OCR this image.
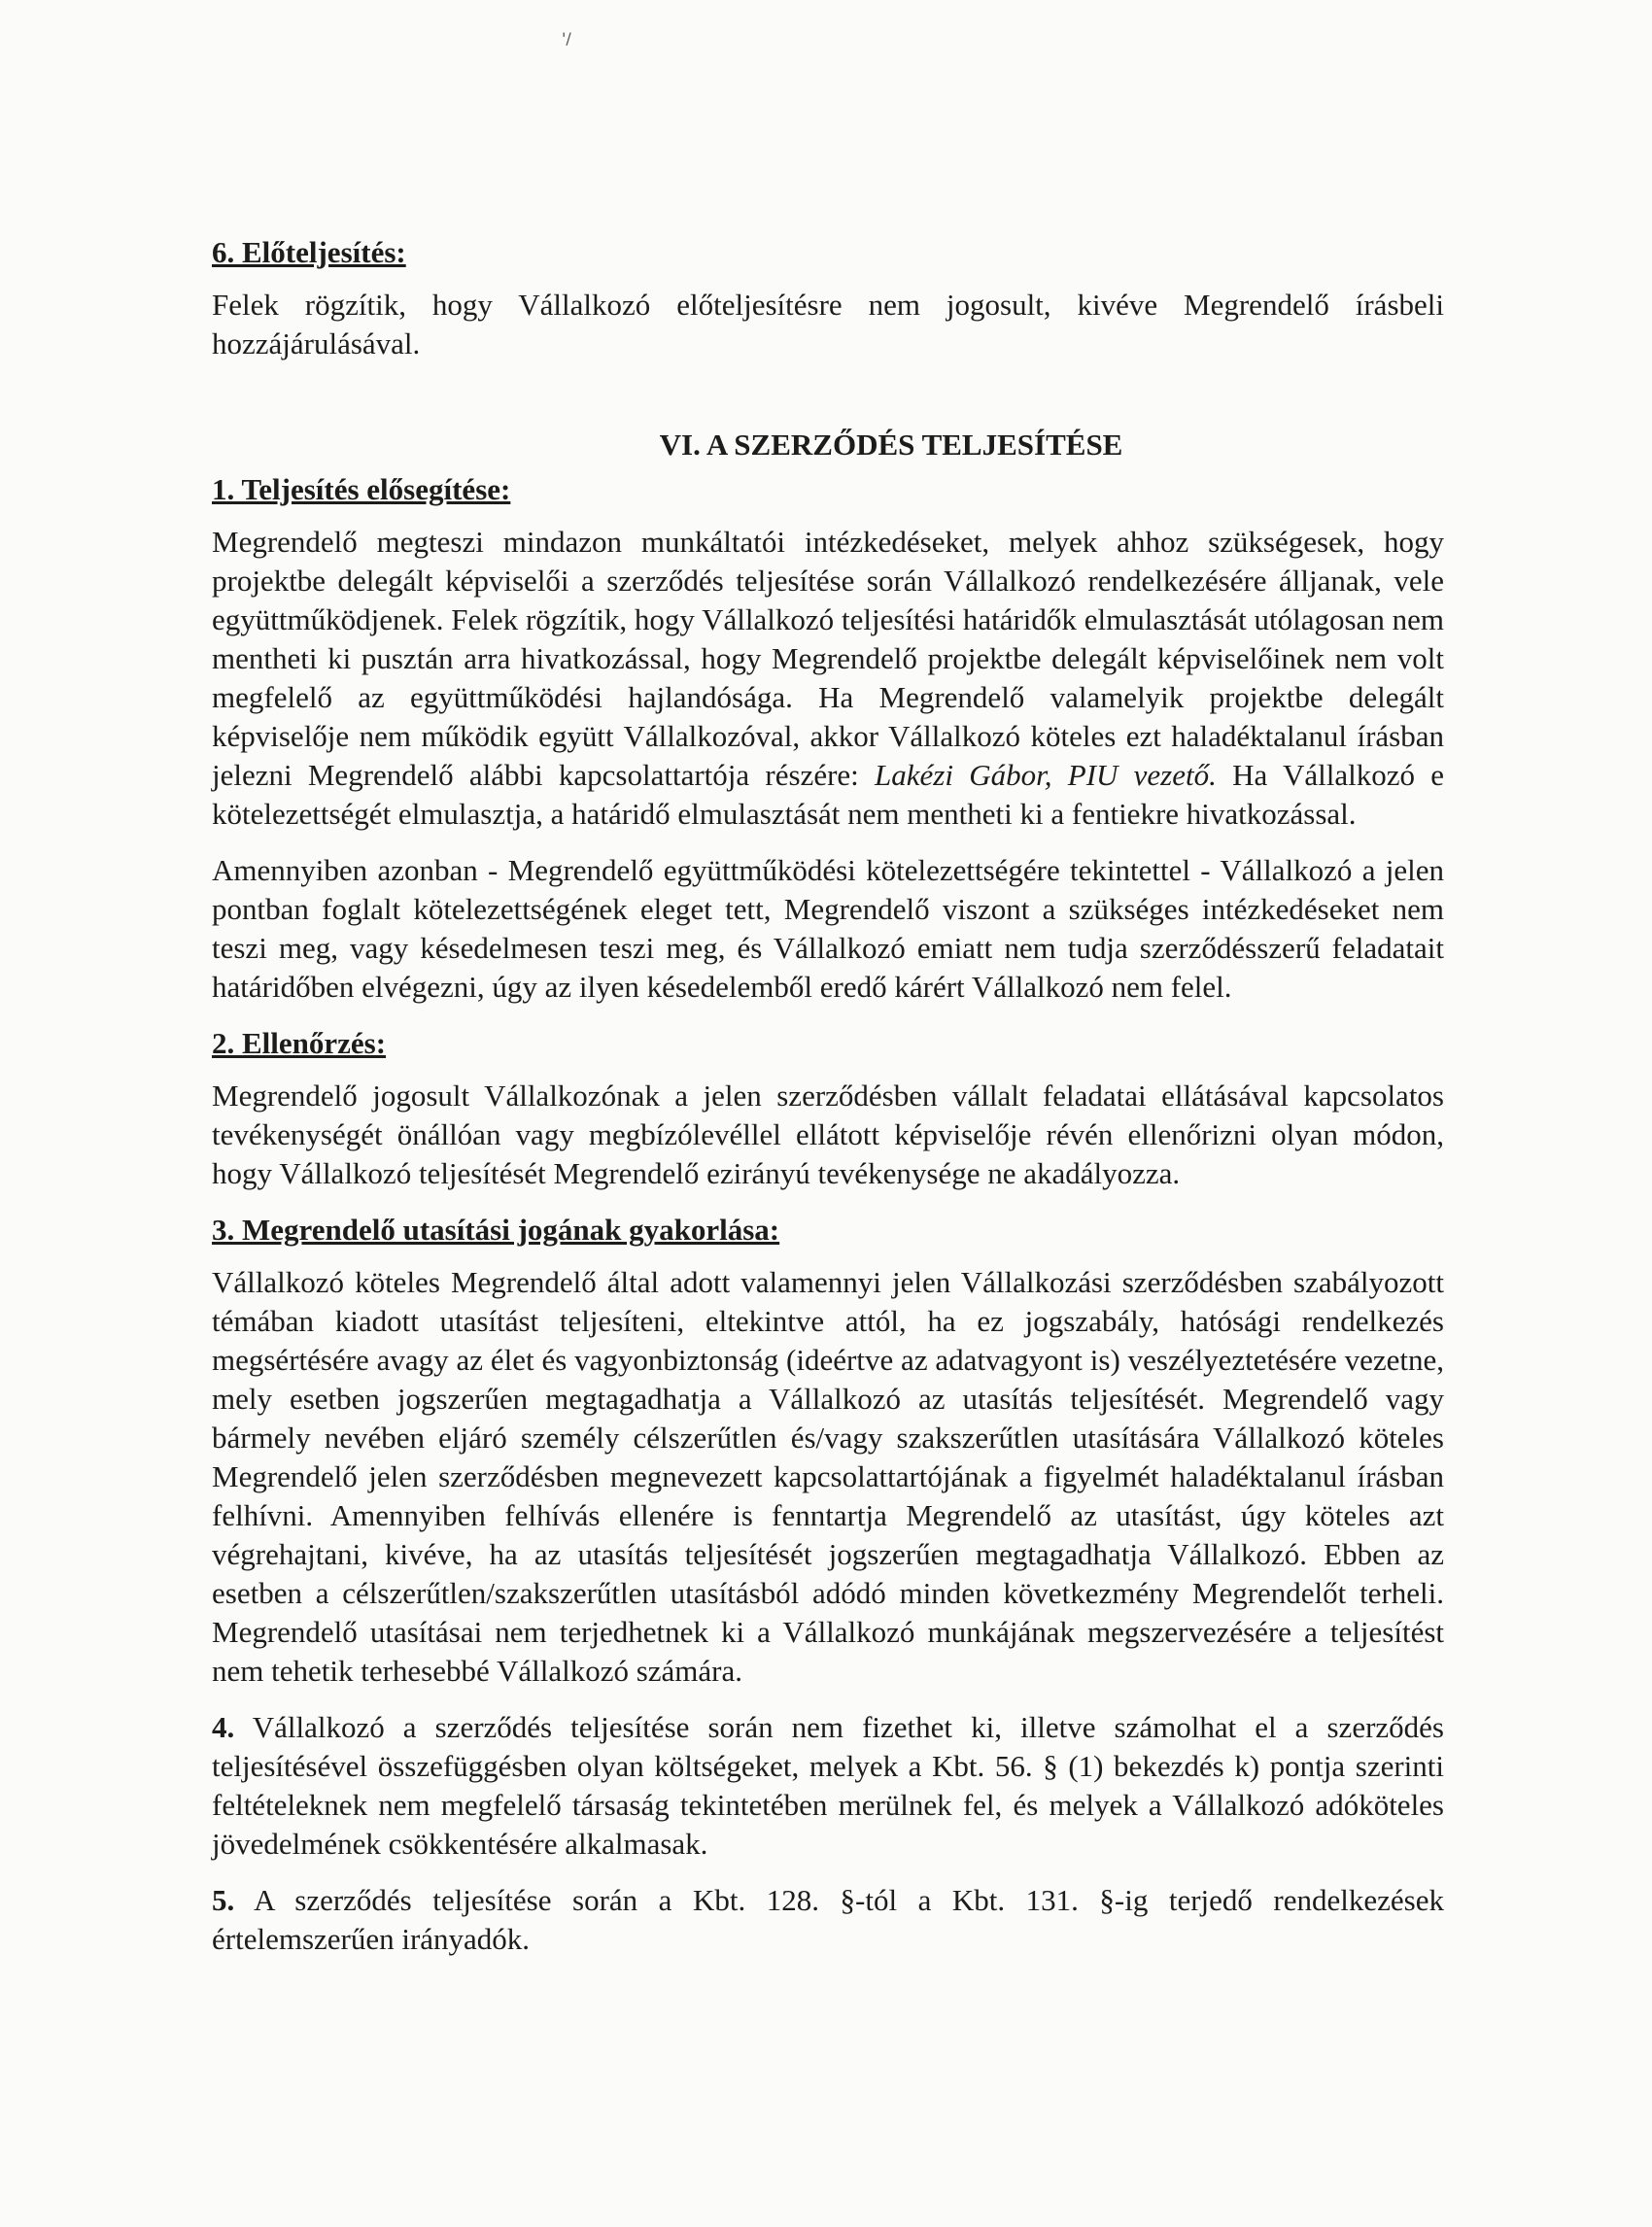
'/
6. Előteljesítés:

Felek rögzítik, hogy Vállalkozó előteljesítésre nem jogosult, kivéve Megrendelő írásbeli hozzájárulásával.

VI. A SZERZŐDÉS TELJESÍTÉSE
1. Teljesítés elősegítése:

Megrendelő megteszi mindazon munkáltatói intézkedéseket, melyek ahhoz szükségesek, hogy projektbe delegált képviselői a szerződés teljesítése során Vállalkozó rendelkezésére álljanak, vele együttműködjenek. Felek rögzítik, hogy Vállalkozó teljesítési határidők elmulasztását utólagosan nem mentheti ki pusztán arra hivatkozással, hogy Megrendelő projektbe delegált képviselőinek nem volt megfelelő az együttműködési hajlandósága. Ha Megrendelő valamelyik projektbe delegált képviselője nem működik együtt Vállalkozóval, akkor Vállalkozó köteles ezt haladéktalanul írásban jelezni Megrendelő alábbi kapcsolattartója részére: Lakézi Gábor, PIU vezető. Ha Vállalkozó e kötelezettségét elmulasztja, a határidő elmulasztását nem mentheti ki a fentiekre hivatkozással.

Amennyiben azonban - Megrendelő együttműködési kötelezettségére tekintettel - Vállalkozó a jelen pontban foglalt kötelezettségének eleget tett, Megrendelő viszont a szükséges intézkedéseket nem teszi meg, vagy késedelmesen teszi meg, és Vállalkozó emiatt nem tudja szerződésszerű feladatait határidőben elvégezni, úgy az ilyen késedelemből eredő kárért Vállalkozó nem felel.

2. Ellenőrzés:

Megrendelő jogosult Vállalkozónak a jelen szerződésben vállalt feladatai ellátásával kapcsolatos tevékenységét önállóan vagy megbízólevéllel ellátott képviselője révén ellenőrizni olyan módon, hogy Vállalkozó teljesítését Megrendelő ezirányú tevékenysége ne akadályozza.

3. Megrendelő utasítási jogának gyakorlása:

Vállalkozó köteles Megrendelő által adott valamennyi jelen Vállalkozási szerződésben szabályozott témában kiadott utasítást teljesíteni, eltekintve attól, ha ez jogszabály, hatósági rendelkezés megsértésére avagy az élet és vagyonbiztonság (ideértve az adatvagyont is) veszélyeztetésére vezetne, mely esetben jogszerűen megtagadhatja a Vállalkozó az utasítás teljesítését. Megrendelő vagy bármely nevében eljáró személy célszerűtlen és/vagy szakszerűtlen utasítására Vállalkozó köteles Megrendelő jelen szerződésben megnevezett kapcsolattartójának a figyelmét haladéktalanul írásban felhívni. Amennyiben felhívás ellenére is fenntartja Megrendelő az utasítást, úgy köteles azt végrehajtani, kivéve, ha az utasítás teljesítését jogszerűen megtagadhatja Vállalkozó. Ebben az esetben a célszerűtlen/szakszerűtlen utasításból adódó minden következmény Megrendelőt terheli. Megrendelő utasításai nem terjedhetnek ki a Vállalkozó munkájának megszervezésére a teljesítést nem tehetik terhesebbé Vállalkozó számára.

4. Vállalkozó a szerződés teljesítése során nem fizethet ki, illetve számolhat el a szerződés teljesítésével összefüggésben olyan költségeket, melyek a Kbt. 56. § (1) bekezdés k) pontja szerinti feltételeknek nem megfelelő társaság tekintetében merülnek fel, és melyek a Vállalkozó adóköteles jövedelmének csökkentésére alkalmasak.

5. A szerződés teljesítése során a Kbt. 128. §-tól a Kbt. 131. §-ig terjedő rendelkezések értelemszerűen irányadók.
